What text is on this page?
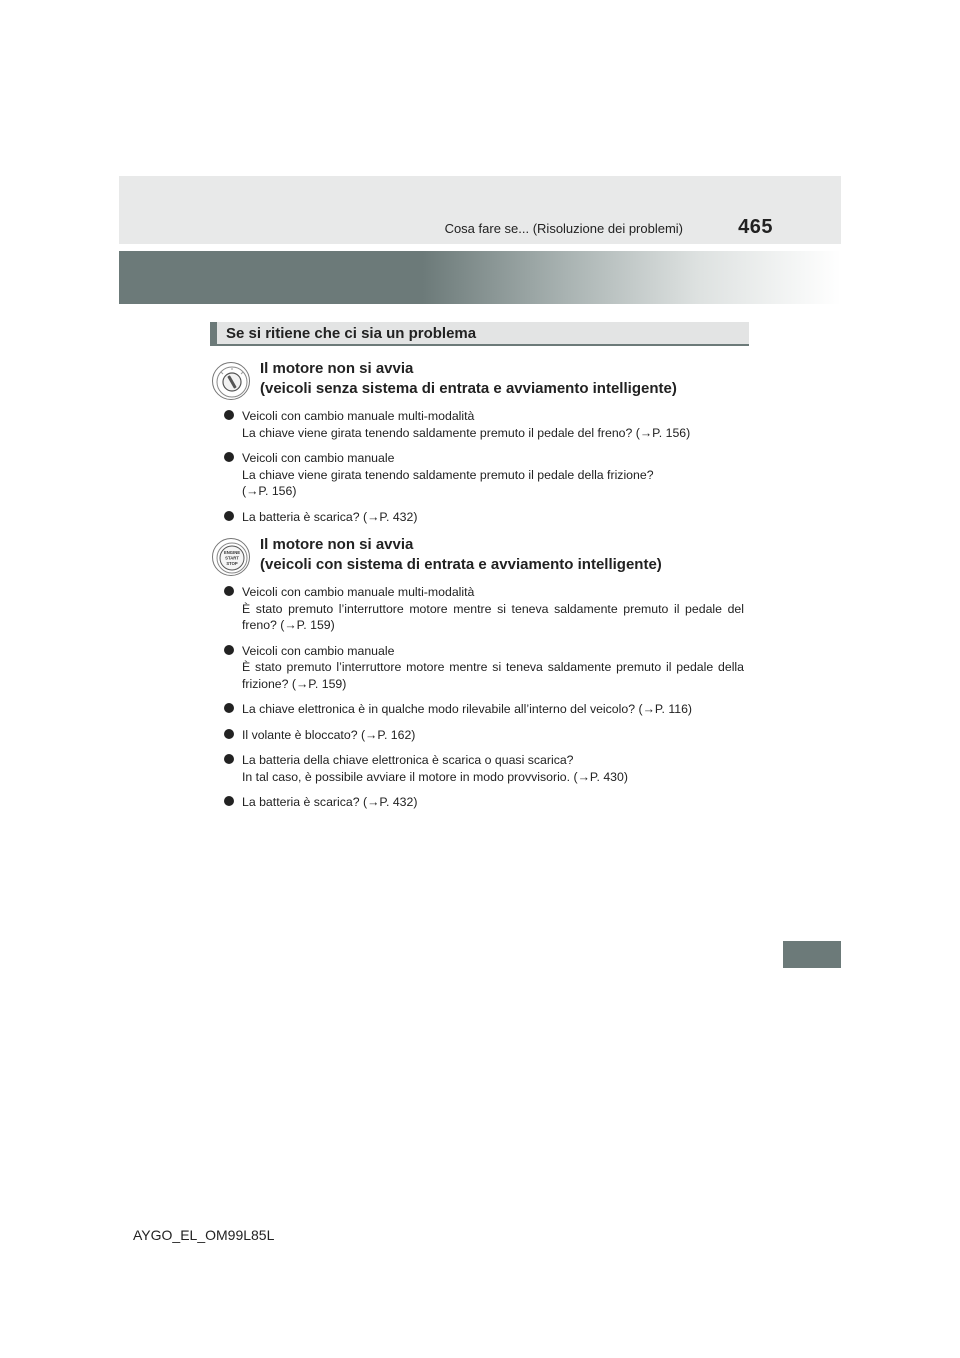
Cosa fare se... (Risoluzione dei problemi)	465
Se si ritiene che ci sia un problema
Il motore non si avvia
(veicoli senza sistema di entrata e avviamento intelligente)
Veicoli con cambio manuale multi-modalità
La chiave viene girata tenendo saldamente premuto il pedale del freno? (→P. 156)
Veicoli con cambio manuale
La chiave viene girata tenendo saldamente premuto il pedale della frizione?
(→P. 156)
La batteria è scarica? (→P. 432)
ENGINE
START
STOP
Il motore non si avvia
(veicoli con sistema di entrata e avviamento intelligente)
Veicoli con cambio manuale multi-modalità
È stato premuto l’interruttore motore mentre si teneva saldamente premuto il pedale del freno? (→P. 159)
Veicoli con cambio manuale
È stato premuto l’interruttore motore mentre si teneva saldamente premuto il pedale della frizione? (→P. 159)
La chiave elettronica è in qualche modo rilevabile all’interno del veicolo? (→P. 116)
Il volante è bloccato? (→P. 162)
La batteria della chiave elettronica è scarica o quasi scarica?
In tal caso, è possibile avviare il motore in modo provvisorio. (→P. 430)
La batteria è scarica? (→P. 432)
AYGO_EL_OM99L85L
